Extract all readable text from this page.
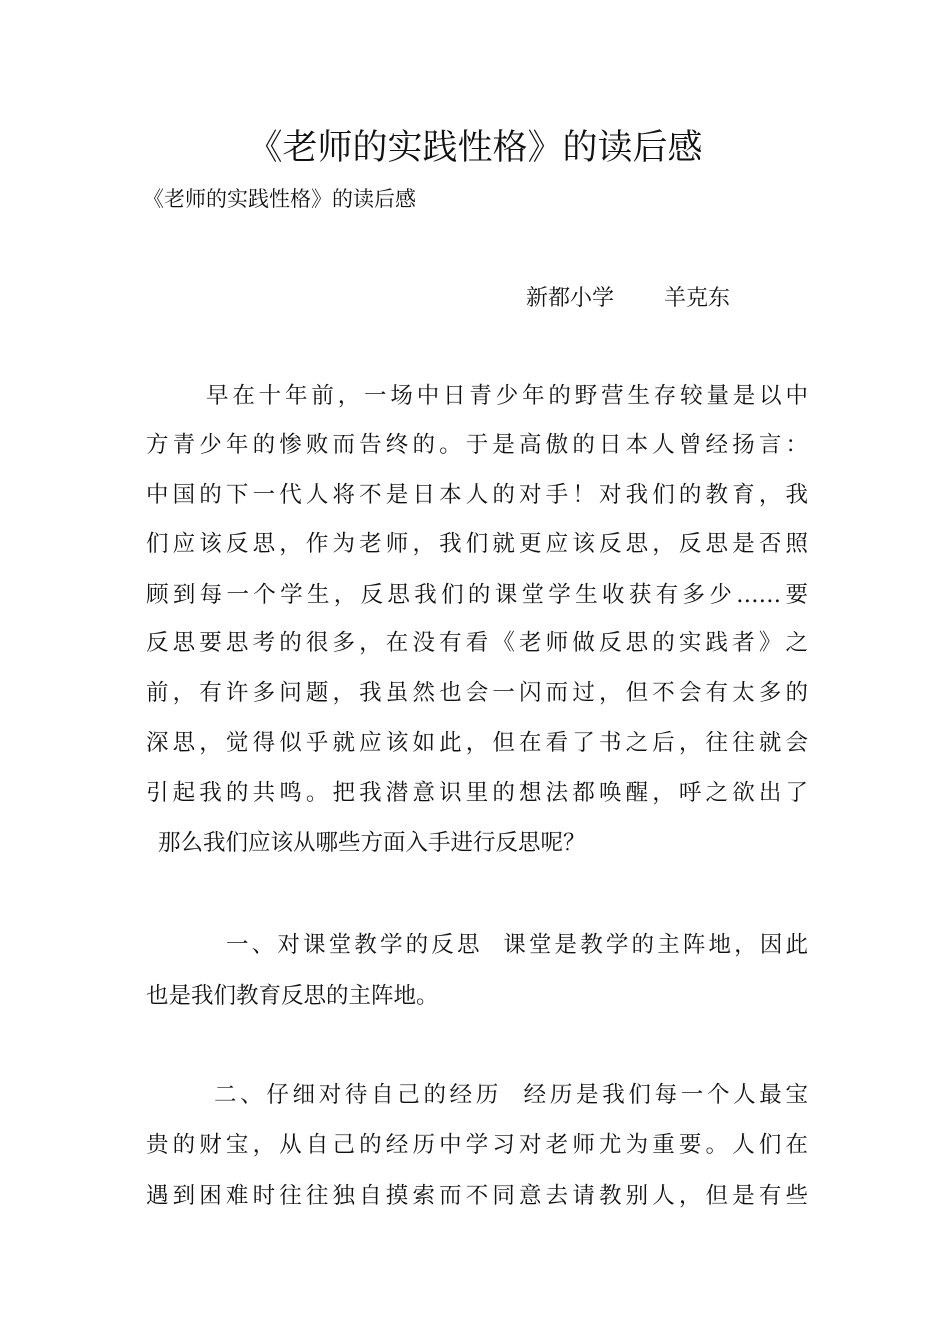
《老师的实践性格》的读后感
《老师的实践性格》的读后感
新都小学 羊克东
早在十年前，一场中日青少年的野营生存较量是以中
方青少年的惨败而告终的。于是高傲的日本人曾经扬言：
中国的下一代人将不是日本人的对手！对我们的教育，我
们应该反思，作为老师，我们就更应该反思，反思是否照
顾到每一个学生，反思我们的课堂学生收获有多少……要
反思要思考的很多，在没有看《老师做反思的实践者》之
前，有许多问题，我虽然也会一闪而过，但不会有太多的
深思，觉得似乎就应该如此，但在看了书之后，往往就会
引起我的共鸣。把我潜意识里的想法都唤醒，呼之欲出了
那么我们应该从哪些方面入手进行反思呢？
一、对课堂教学的反思  课堂是教学的主阵地，因此
也是我们教育反思的主阵地。
二、仔细对待自己的经历  经历是我们每一个人最宝
贵的财宝，从自己的经历中学习对老师尤为重要。人们在
遇到困难时往往独自摸索而不同意去请教别人，但是有些
